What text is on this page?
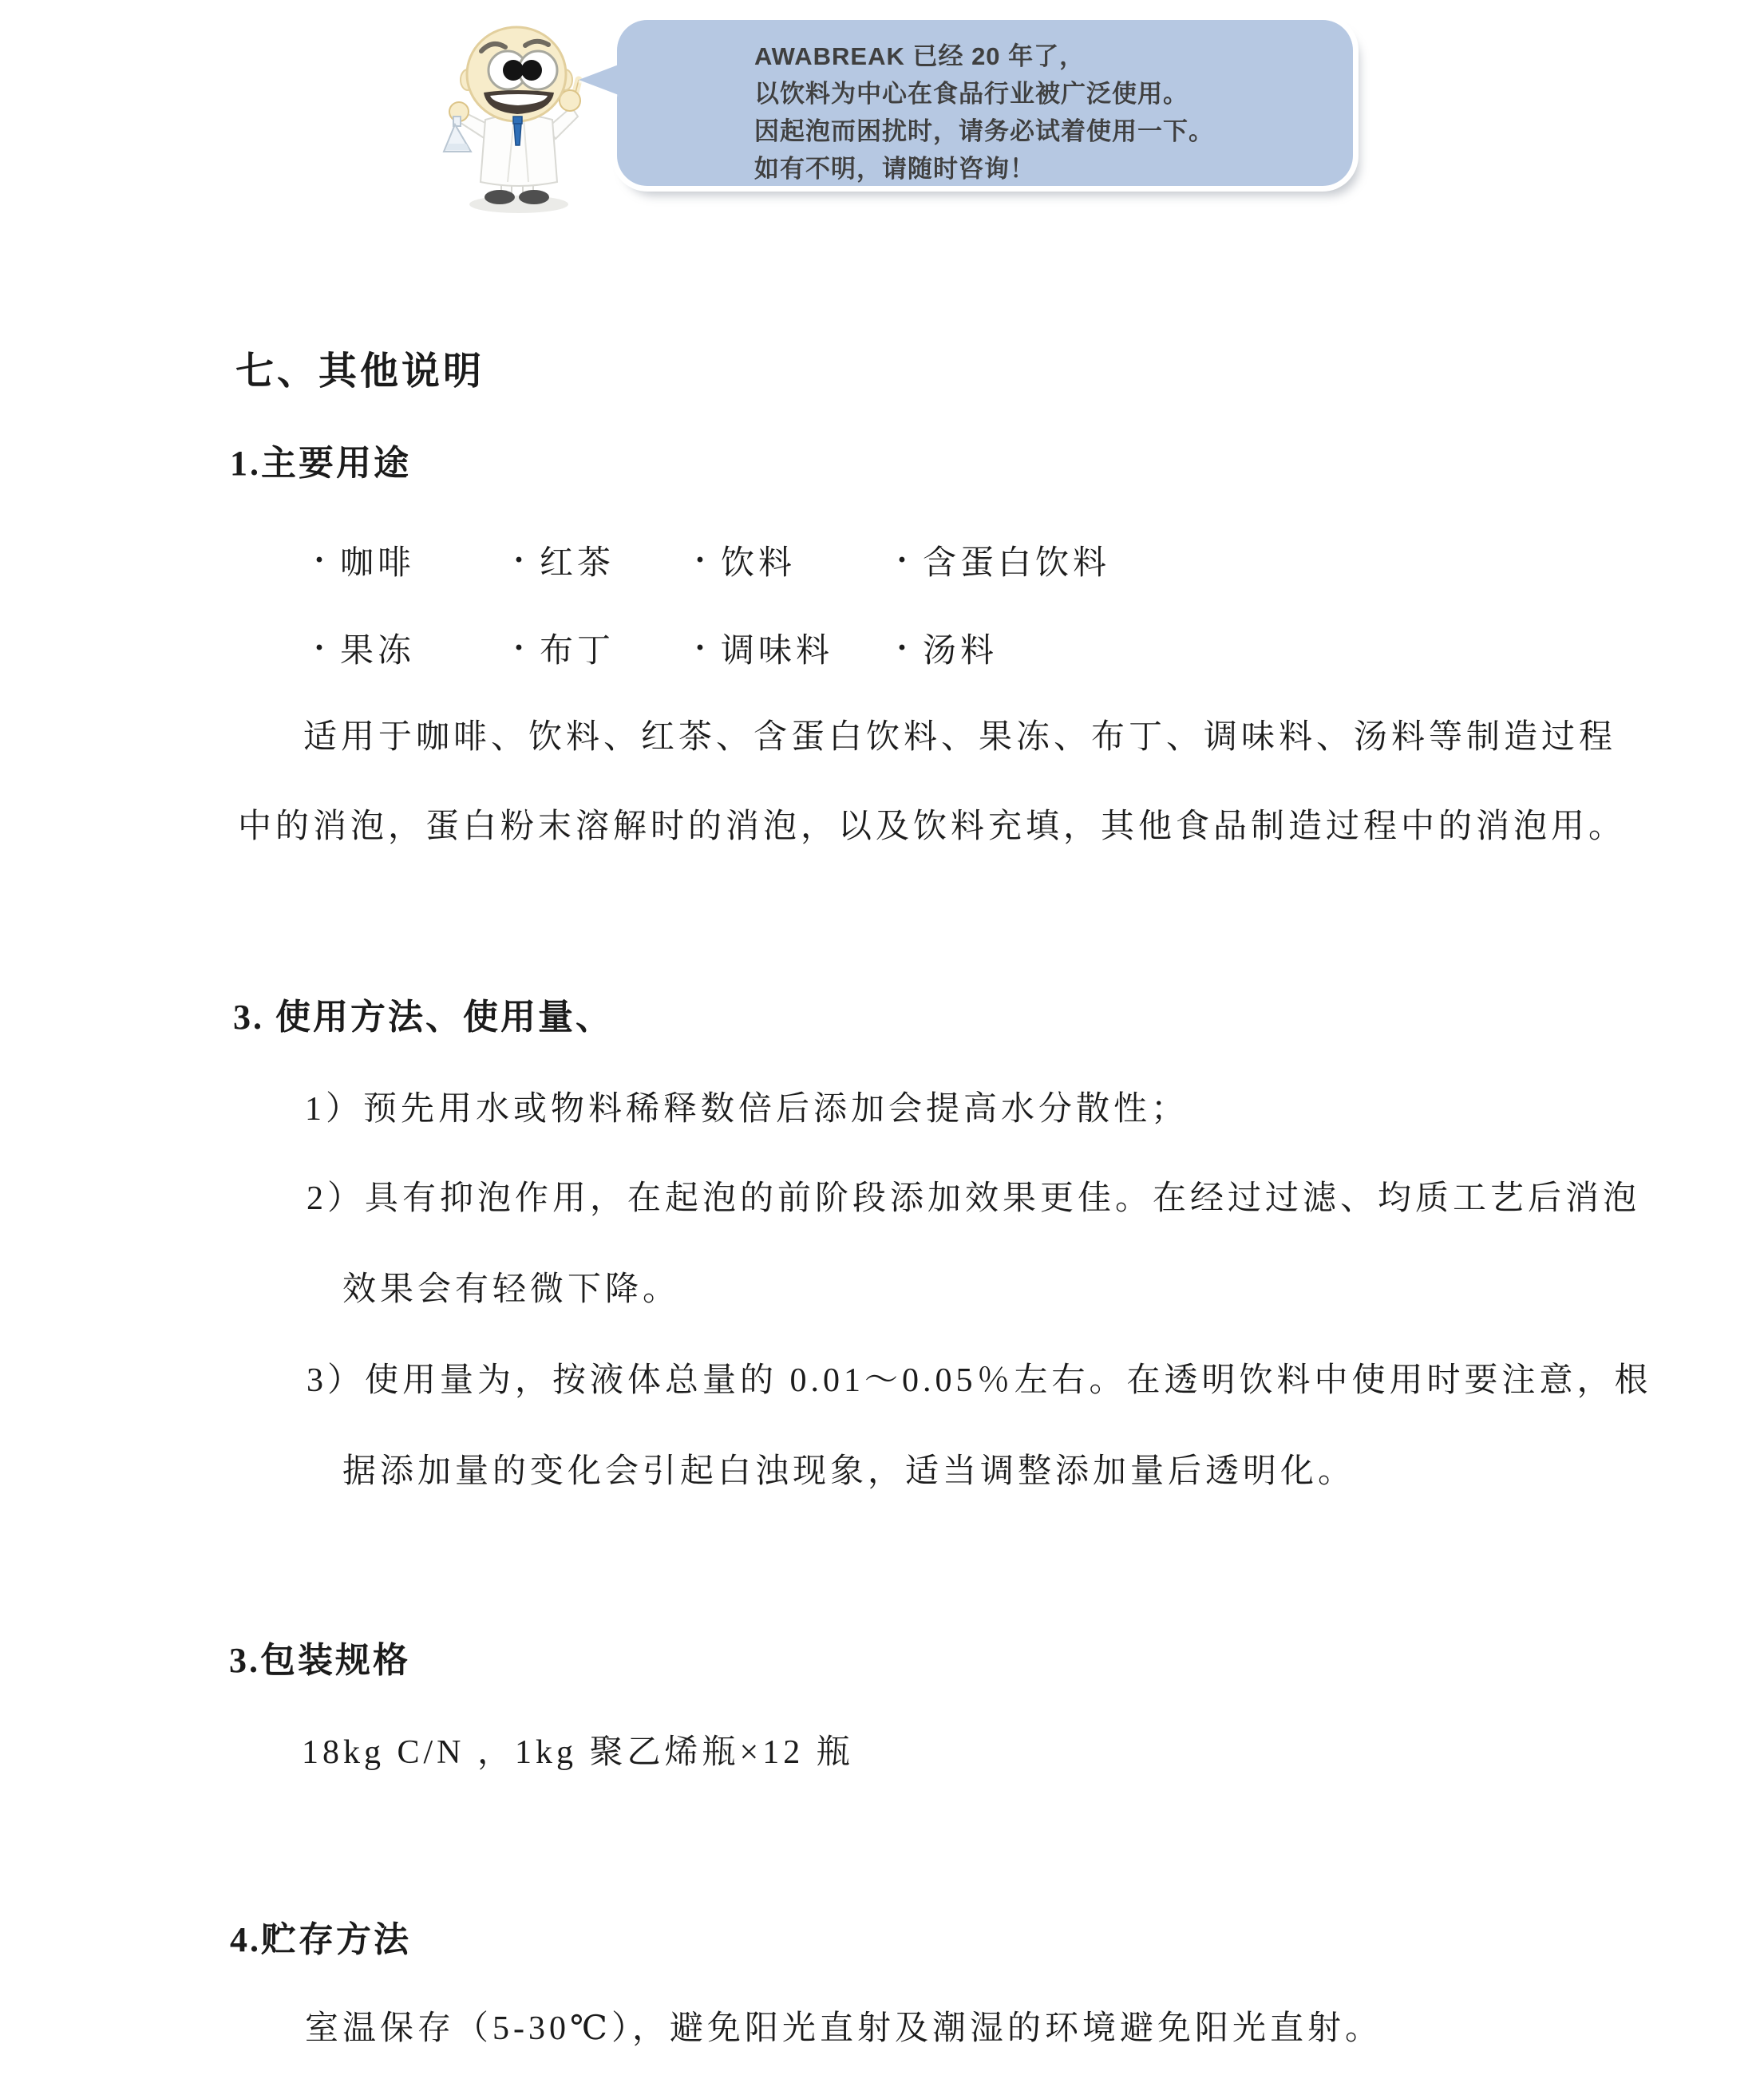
AWABREAK 已经 20 年了，
以饮料为中心在食品行业被广泛使用。
因起泡而困扰时，请务必试着使用一下。
如有不明，请随时咨询！
七、其他说明
1.主要用途
· 咖啡	· 红茶 · 饮料	· 含蛋白饮料
· 果冻	· 布丁 · 调味料 · 汤料
适用于咖啡、饮料、红茶、含蛋白饮料、果冻、布丁、调味料、汤料等制造过程
中的消泡，蛋白粉末溶解时的消泡，以及饮料充填，其他食品制造过程中的消泡用。
3. 使用方法、使用量、
1）预先用水或物料稀释数倍后添加会提高水分散性；
2）具有抑泡作用，在起泡的前阶段添加效果更佳。在经过过滤、均质工艺后消泡
效果会有轻微下降。
3）使用量为，按液体总量的 0.01～0.05％左右。在透明饮料中使用时要注意，根
据添加量的变化会引起白浊现象，适当调整添加量后透明化。
3.包装规格
18kg C/N ，1kg 聚乙烯瓶×12 瓶
4.贮存方法
室温保存（5-30℃），避免阳光直射及潮湿的环境避免阳光直射。
